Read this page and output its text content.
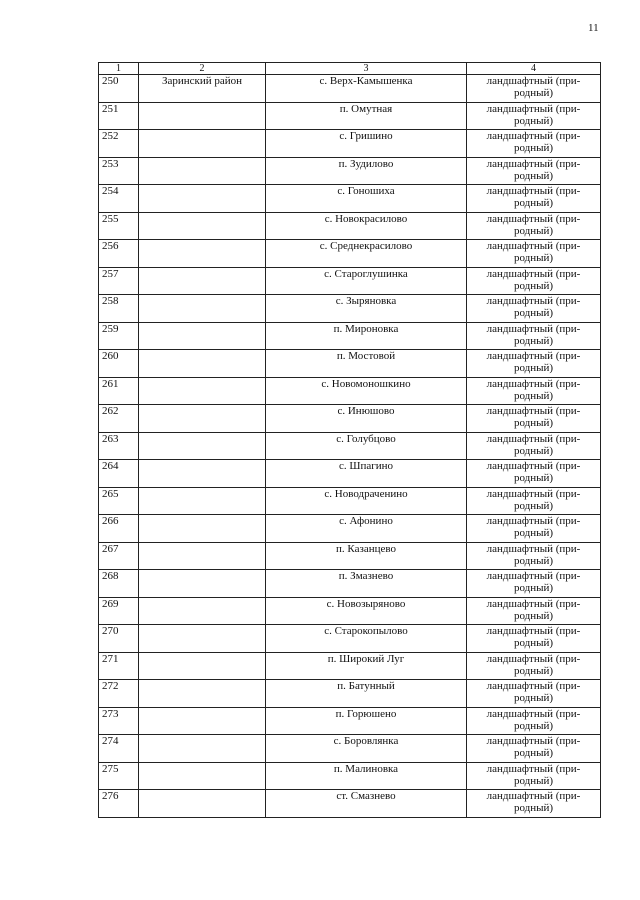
11
1	2	3	4
250	Заринский район	с. Верх-Камышенка	ландшафтный (при-
родный)

251		п. Омутная	ландшафтный (при-
родный)

252		с. Гришино	ландшафтный (при-
родный)

253		п. Зудилово	ландшафтный (при-
родный)

254		с. Гоношиха	ландшафтный (при-
родный)

255		с. Новокрасилово	ландшафтный (при-
родный)

256		с. Среднекрасилово	ландшафтный (при-
родный)

257		с. Староглушинка	ландшафтный (при-
родный)

258		с. Зыряновка	ландшафтный (при-
родный)

259		п. Мироновка	ландшафтный (при-
родный)

260		п. Мостовой	ландшафтный (при-
родный)

261		с. Новомоношкино	ландшафтный (при-
родный)

262		с. Инюшово	ландшафтный (при-
родный)

263		с. Голубцово	ландшафтный (при-
родный)

264		с. Шпагино	ландшафтный (при-
родный)

265		с. Новодраченино	ландшафтный (при-
родный)

266		с. Афонино	ландшафтный (при-
родный)

267		п. Казанцево	ландшафтный (при-
родный)

268		п. Змазнево	ландшафтный (при-
родный)

269		с. Новозыряново	ландшафтный (при-
родный)

270		с. Старокопылово	ландшафтный (при-
родный)

271		п. Широкий Луг	ландшафтный (при-
родный)

272		п. Батунный	ландшафтный (при-
родный)

273		п. Горюшено	ландшафтный (при-
родный)

274		с. Боровлянка	ландшафтный (при-
родный)

275		п. Малиновка	ландшафтный (при-
родный)

276		ст. Смазнево	ландшафтный (при-
родный)
